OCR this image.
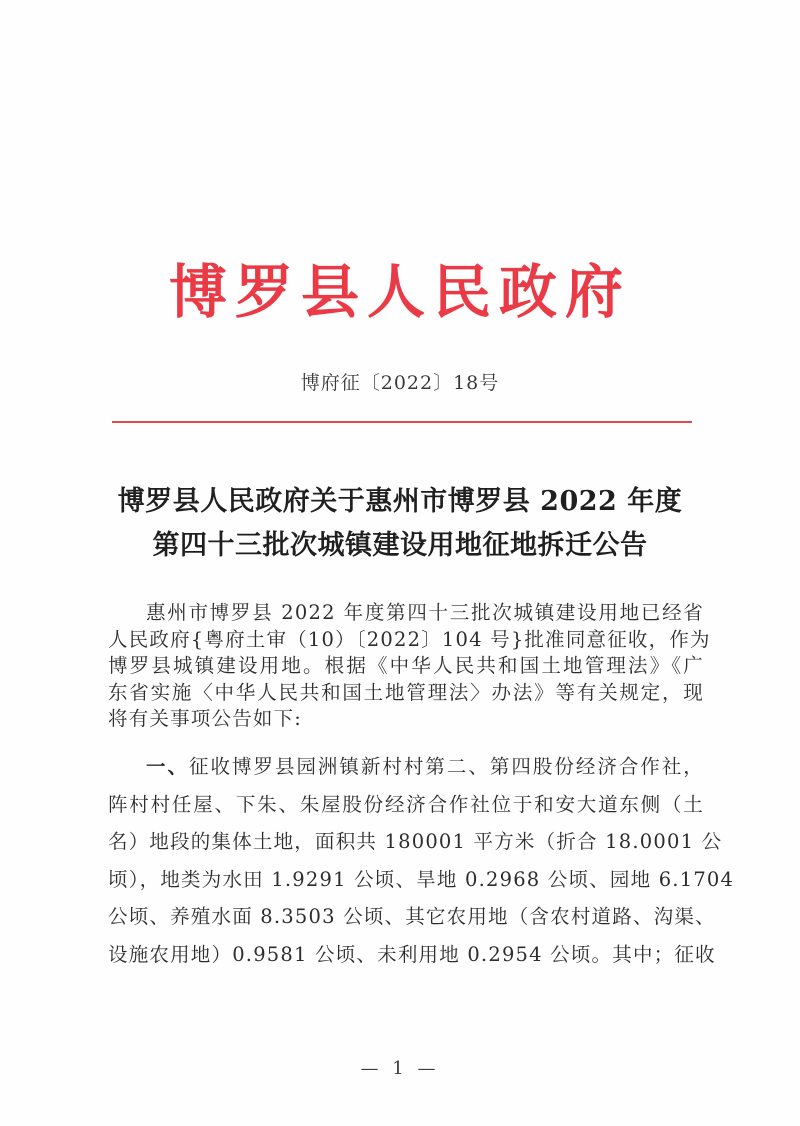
博罗县人民政府
博府征〔2022〕18号
博罗县人民政府关于惠州市博罗县 2022 年度
第四十三批次城镇建设用地征地拆迁公告
惠州市博罗县 2022 年度第四十三批次城镇建设用地已经省
人民政府{粤府土审（10）〔2022〕104 号}批准同意征收，作为
博罗县城镇建设用地。根据《中华人民共和国土地管理法》《广
东省实施〈中华人民共和国土地管理法〉办法》等有关规定，现
将有关事项公告如下:
一、征收博罗县园洲镇新村村第二、第四股份经济合作社，
阵村村任屋、下朱、朱屋股份经济合作社位于和安大道东侧（土
名）地段的集体土地，面积共 180001 平方米（折合 18.0001 公
顷），地类为水田 1.9291 公顷、旱地 0.2968 公顷、园地 6.1704
公顷、养殖水面 8.3503 公顷、其它农用地（含农村道路、沟渠、
设施农用地）0.9581 公顷、未利用地 0.2954 公顷。其中；征收
— 1 —
